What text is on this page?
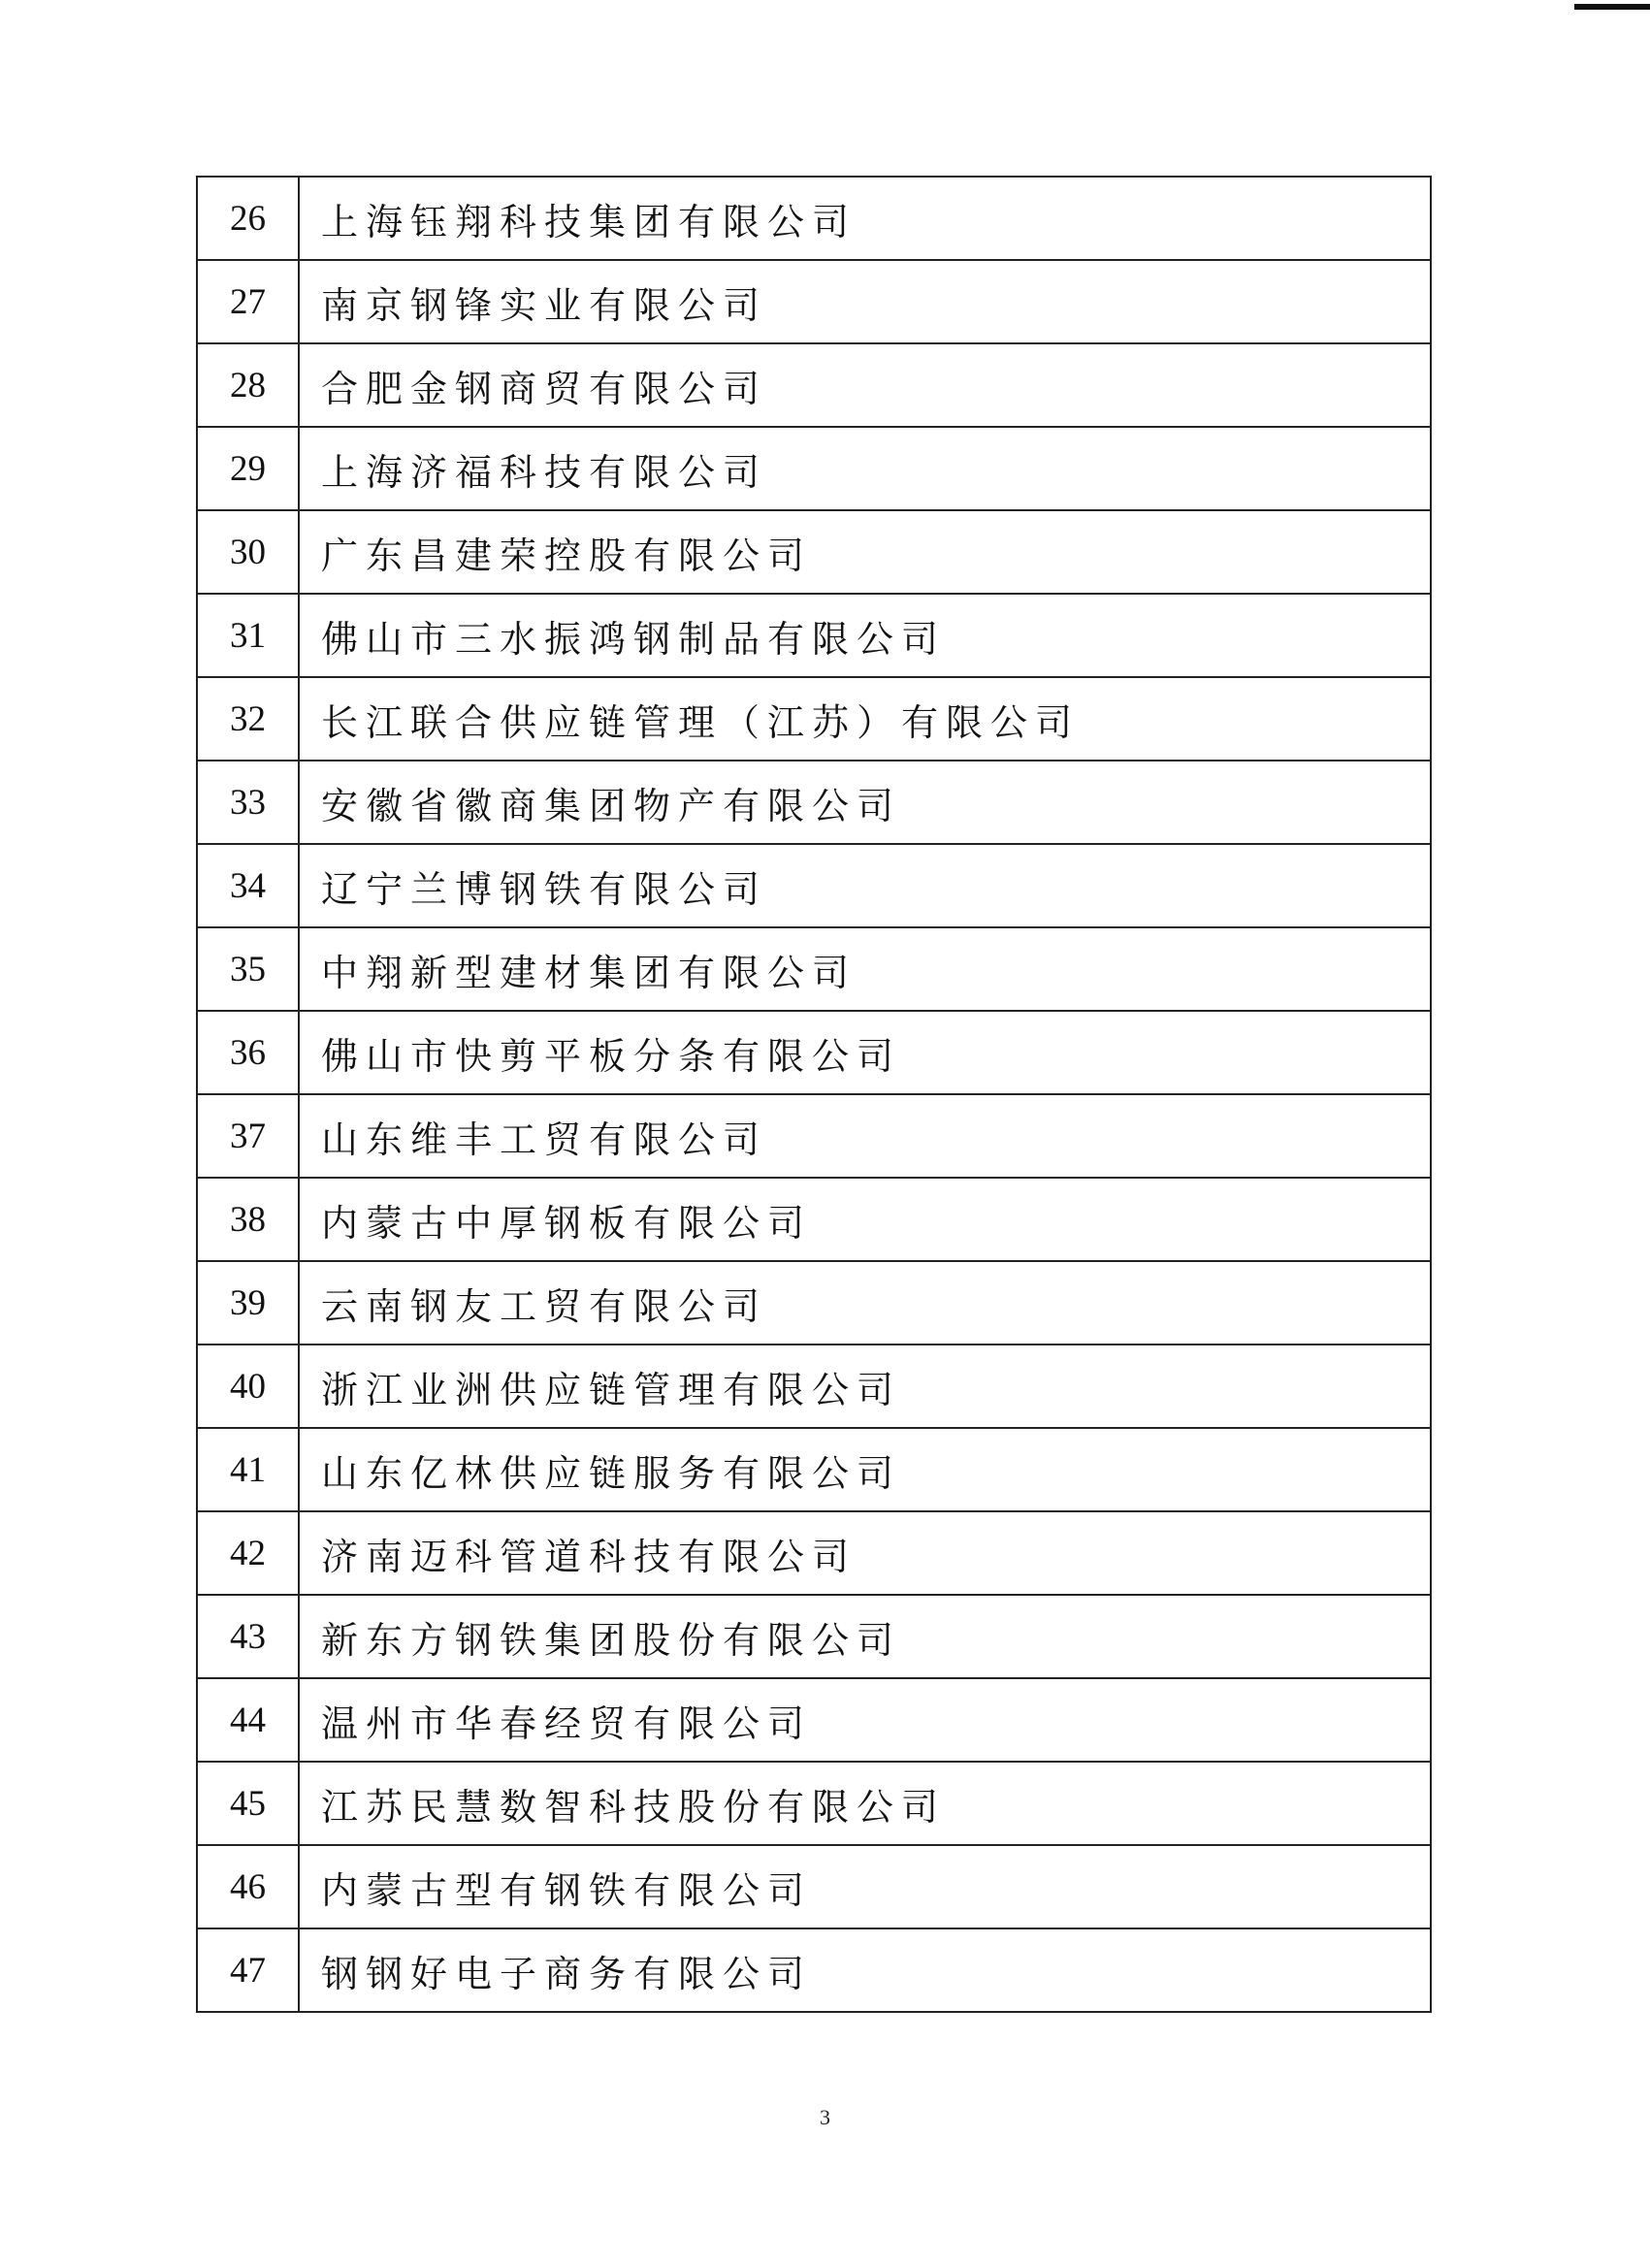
26	上海钰翔科技集团有限公司
27	南京钢锋实业有限公司
28	合肥金钢商贸有限公司
29	上海济福科技有限公司
30	广东昌建荣控股有限公司
31	佛山市三水振鸿钢制品有限公司
32	长江联合供应链管理（江苏）有限公司
33	安徽省徽商集团物产有限公司
34	辽宁兰博钢铁有限公司
35	中翔新型建材集团有限公司
36	佛山市快剪平板分条有限公司
37	山东维丰工贸有限公司
38	内蒙古中厚钢板有限公司
39	云南钢友工贸有限公司
40	浙江业洲供应链管理有限公司
41	山东亿林供应链服务有限公司
42	济南迈科管道科技有限公司
43	新东方钢铁集团股份有限公司
44	温州市华春经贸有限公司
45	江苏民慧数智科技股份有限公司
46	内蒙古型有钢铁有限公司
47	钢钢好电子商务有限公司
3
